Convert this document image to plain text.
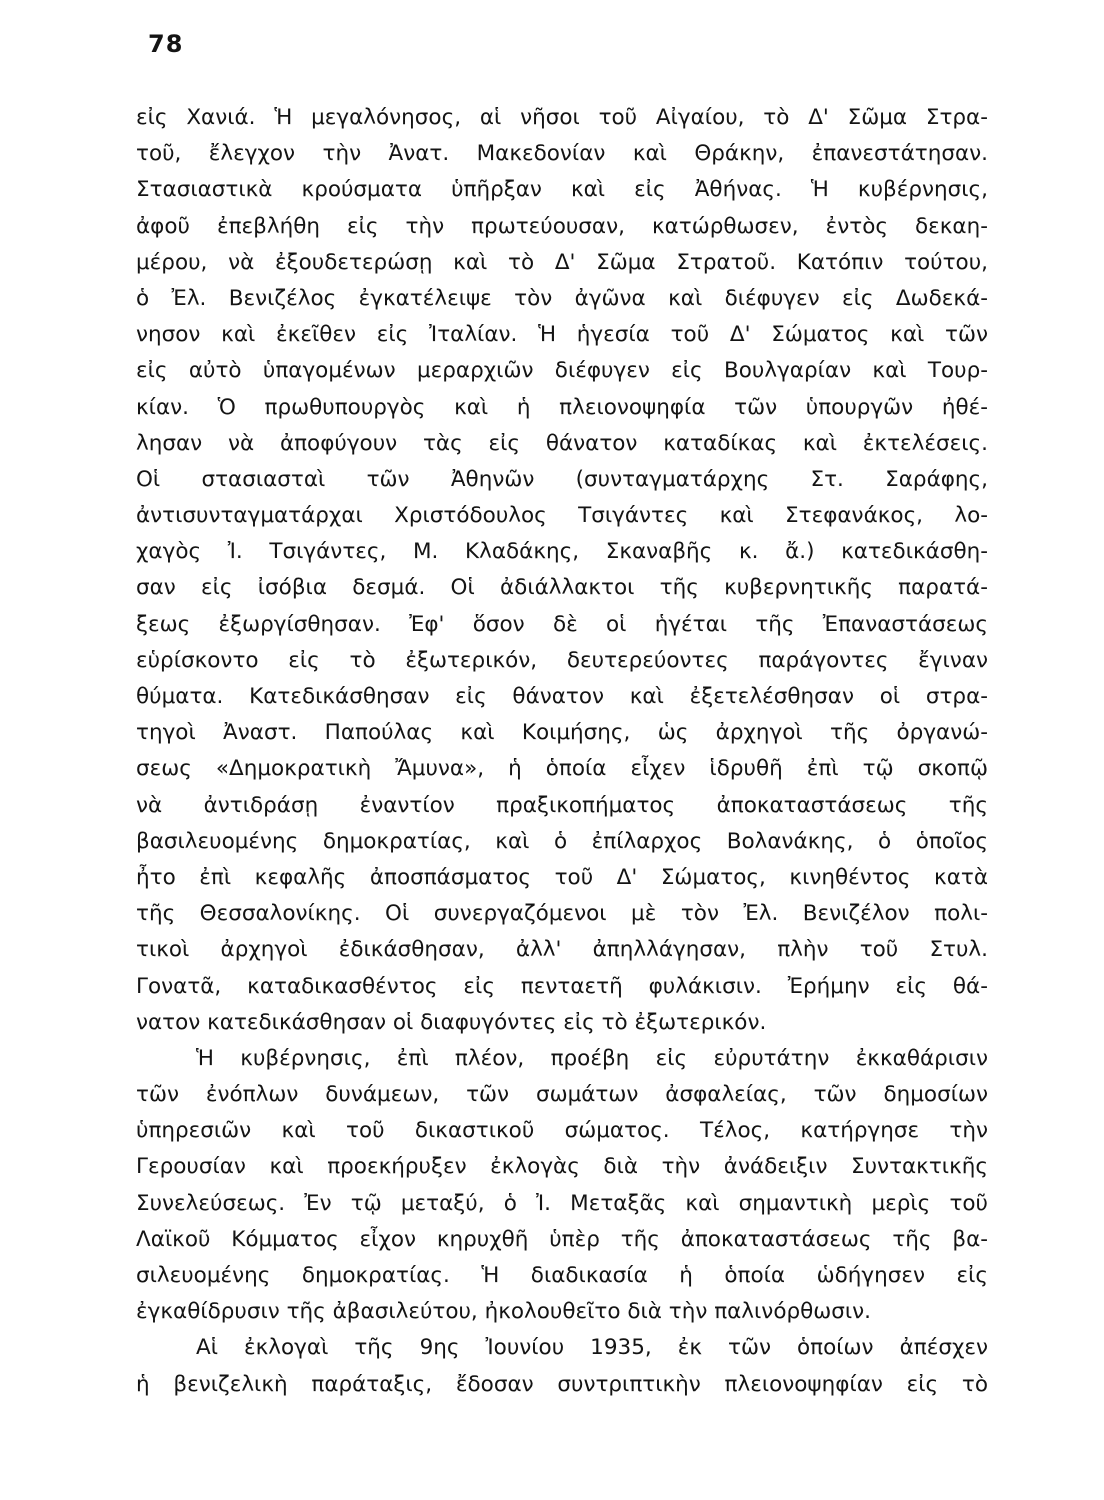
78
εἰς Χανιά. Ἡ μεγαλόνησος, αἱ νῆσοι τοῦ Αἰγαίου, τὸ Δ' Σῶμα Στρα-
τοῦ, ἔλεγχον τὴν Ἀνατ. Μακεδονίαν καὶ Θράκην, ἐπανεστάτησαν.
Στασιαστικὰ κρούσματα ὑπῆρξαν καὶ εἰς Ἀθήνας. Ἡ κυβέρνησις,
ἀφοῦ ἐπεβλήθη εἰς τὴν πρωτεύουσαν, κατώρθωσεν, ἐντὸς δεκαη-
μέρου, νὰ ἐξουδετερώσῃ καὶ τὸ Δ' Σῶμα Στρατοῦ. Κατόπιν τούτου,
ὁ Ἐλ. Βενιζέλος ἐγκατέλειψε τὸν ἀγῶνα καὶ διέφυγεν εἰς Δωδεκά-
νησον καὶ ἐκεῖθεν εἰς Ἰταλίαν. Ἡ ἡγεσία τοῦ Δ' Σώματος καὶ τῶν
εἰς αὐτὸ ὑπαγομένων μεραρχιῶν διέφυγεν εἰς Βουλγαρίαν καὶ Τουρ-
κίαν. Ὁ πρωθυπουργὸς καὶ ἡ πλειονοψηφία τῶν ὑπουργῶν ἠθέ-
λησαν νὰ ἀποφύγουν τὰς εἰς θάνατον καταδίκας καὶ ἐκτελέσεις.
Οἱ στασιασταὶ τῶν Ἀθηνῶν (συνταγματάρχης Στ. Σαράφης,
ἀντισυνταγματάρχαι Χριστόδουλος Τσιγάντες καὶ Στεφανάκος, λο-
χαγὸς Ἰ. Τσιγάντες, Μ. Κλαδάκης, Σκαναβῆς κ. ἄ.) κατεδικάσθη-
σαν εἰς ἰσόβια δεσμά. Οἱ ἀδιάλλακτοι τῆς κυβερνητικῆς παρατά-
ξεως ἐξωργίσθησαν. Ἐφ' ὅσον δὲ οἱ ἡγέται τῆς Ἐπαναστάσεως
εὑρίσκοντο εἰς τὸ ἐξωτερικόν, δευτερεύοντες παράγοντες ἔγιναν
θύματα. Κατεδικάσθησαν εἰς θάνατον καὶ ἐξετελέσθησαν οἱ στρα-
τηγοὶ Ἀναστ. Παπούλας καὶ Κοιμήσης, ὡς ἀρχηγοὶ τῆς ὀργανώ-
σεως «Δημοκρατικὴ Ἄμυνα», ἡ ὁποία εἶχεν ἱδρυθῆ ἐπὶ τῷ σκοπῷ
νὰ ἀντιδράσῃ ἐναντίον πραξικοπήματος ἀποκαταστάσεως τῆς
βασιλευομένης δημοκρατίας, καὶ ὁ ἐπίλαρχος Βολανάκης, ὁ ὁποῖος
ἦτο ἐπὶ κεφαλῆς ἀποσπάσματος τοῦ Δ' Σώματος, κινηθέντος κατὰ
τῆς Θεσσαλονίκης. Οἱ συνεργαζόμενοι μὲ τὸν Ἐλ. Βενιζέλον πολι-
τικοὶ ἀρχηγοὶ ἐδικάσθησαν, ἀλλ' ἀπηλλάγησαν, πλὴν τοῦ Στυλ.
Γονατᾶ, καταδικασθέντος εἰς πενταετῆ φυλάκισιν. Ἐρήμην εἰς θά-
νατον κατεδικάσθησαν οἱ διαφυγόντες εἰς τὸ ἐξωτερικόν.
Ἡ κυβέρνησις, ἐπὶ πλέον, προέβη εἰς εὐρυτάτην ἐκκαθάρισιν
τῶν ἐνόπλων δυνάμεων, τῶν σωμάτων ἀσφαλείας, τῶν δημοσίων
ὑπηρεσιῶν καὶ τοῦ δικαστικοῦ σώματος. Τέλος, κατήργησε τὴν
Γερουσίαν καὶ προεκήρυξεν ἐκλογὰς διὰ τὴν ἀνάδειξιν Συντακτικῆς
Συνελεύσεως. Ἐν τῷ μεταξύ, ὁ Ἰ. Μεταξᾶς καὶ σημαντικὴ μερὶς τοῦ
Λαϊκοῦ Κόμματος εἶχον κηρυχθῆ ὑπὲρ τῆς ἀποκαταστάσεως τῆς βα-
σιλευομένης δημοκρατίας. Ἡ διαδικασία ἡ ὁποία ὡδήγησεν εἰς
ἐγκαθίδρυσιν τῆς ἀβασιλεύτου, ἠκολουθεῖτο διὰ τὴν παλινόρθωσιν.
Αἱ ἐκλογαὶ τῆς 9ης Ἰουνίου 1935, ἐκ τῶν ὁποίων ἀπέσχεν
ἡ βενιζελικὴ παράταξις, ἔδοσαν συντριπτικὴν πλειονοψηφίαν εἰς τὸ
